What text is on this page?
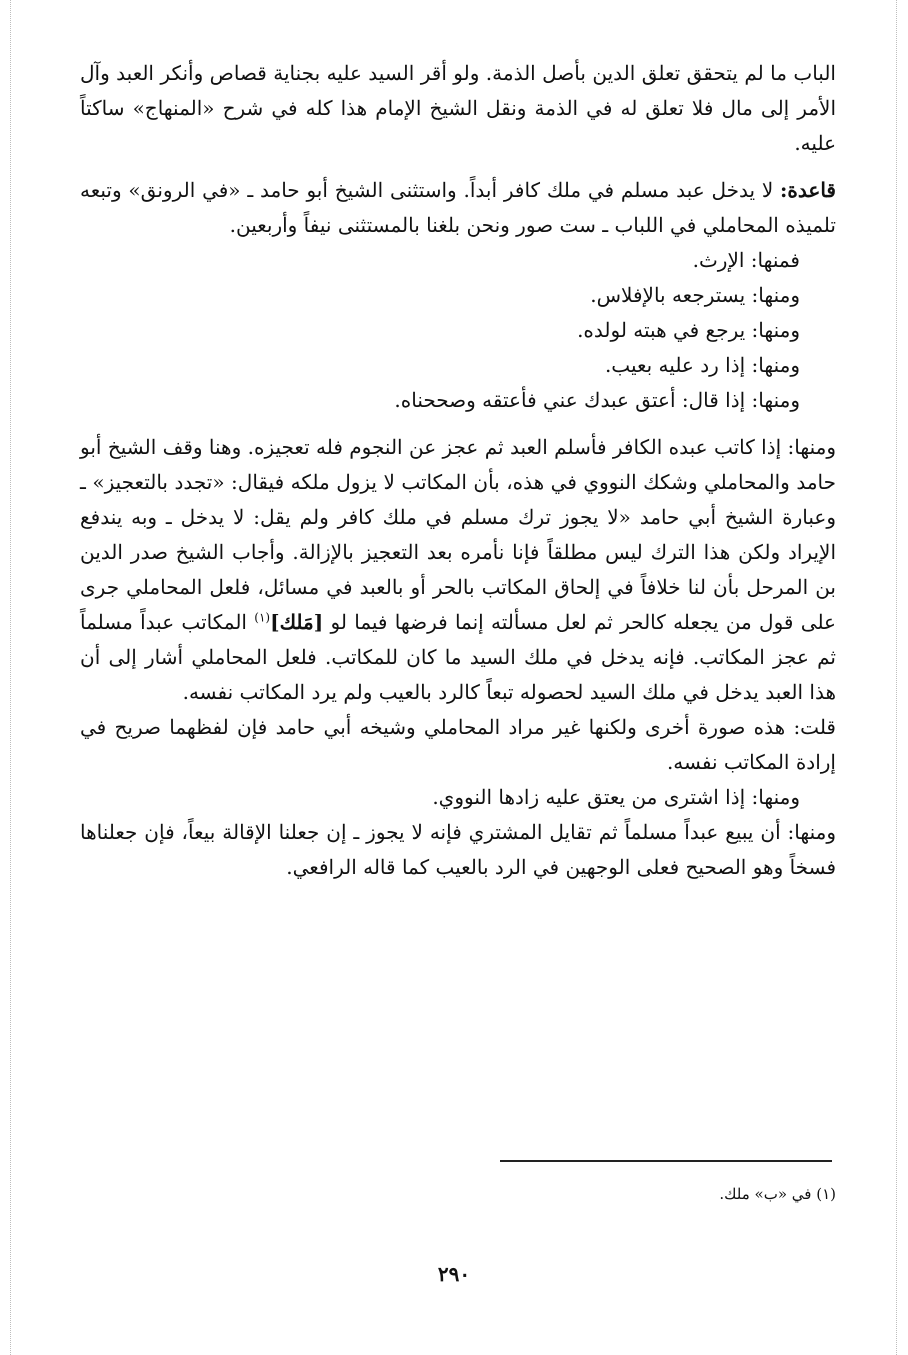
الباب ما لم يتحقق تعلق الدين بأصل الذمة. ولو أقر السيد عليه بجناية قصاص وأنكر العبد وآل الأمر إلى مال فلا تعلق له في الذمة ونقل الشيخ الإمام هذا كله في شرح «المنهاج» ساكتاً عليه.

قاعدة: لا يدخل عبد مسلم في ملك كافر أبداً. واستثنى الشيخ أبو حامد ـ «في الرونق» وتبعه تلميذه المحاملي في اللباب ـ ست صور ونحن بلغنا بالمستثنى نيفاً وأربعين.

فمنها: الإرث.

ومنها: يسترجعه بالإفلاس.

ومنها: يرجع في هبته لولده.

ومنها: إذا رد عليه بعيب.

ومنها: إذا قال: أعتق عبدك عني فأعتقه وصححناه.

ومنها: إذا كاتب عبده الكافر فأسلم العبد ثم عجز عن النجوم فله تعجيزه. وهنا وقف الشيخ أبو حامد والمحاملي وشكك النووي في هذه، بأن المكاتب لا يزول ملكه فيقال: «تجدد بالتعجيز» ـ وعبارة الشيخ أبي حامد «لا يجوز ترك مسلم في ملك كافر ولم يقل: لا يدخل ـ وبه يندفع الإيراد ولكن هذا الترك ليس مطلقاً فإنا نأمره بعد التعجيز بالإزالة. وأجاب الشيخ صدر الدين بن المرحل بأن لنا خلافاً في إلحاق المكاتب بالحر أو بالعبد في مسائل، فلعل المحاملي جرى على قول من يجعله كالحر ثم لعل مسألته إنما فرضها فيما لو [مَلك]$^{(١)}$ المكاتب عبداً مسلماً ثم عجز المكاتب. فإنه يدخل في ملك السيد ما كان للمكاتب. فلعل المحاملي أشار إلى أن هذا العبد يدخل في ملك السيد لحصوله تبعاً كالرد بالعيب ولم يرد المكاتب نفسه.

قلت: هذه صورة أخرى ولكنها غير مراد المحاملي وشيخه أبي حامد فإن لفظهما صريح في إرادة المكاتب نفسه.

ومنها: إذا اشترى من يعتق عليه زادها النووي.

ومنها: أن يبيع عبداً مسلماً ثم تقايل المشتري فإنه لا يجوز ـ إن جعلنا الإقالة بيعاً، فإن جعلناها فسخاً وهو الصحيح فعلى الوجهين في الرد بالعيب كما قاله الرافعي.

(١) في «ب» ملك.
٢٩٠
